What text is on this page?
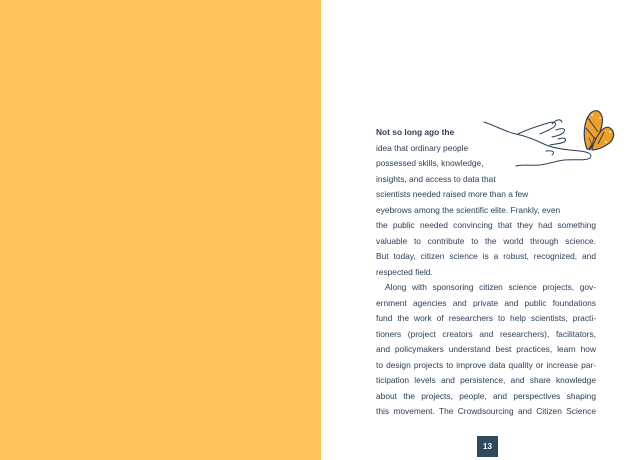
Not so long ago the
idea that ordinary people
possessed skills, knowledge,
insights, and access to data that
scientists needed raised more than a few
eyebrows among the scientific elite. Frankly, even
the public needed convincing that they had something
valuable to contribute to the world through science.
But today, citizen science is a robust, recognized, and
respected field.
Along with sponsoring citizen science projects, gov-
ernment agencies and private and public foundations
fund the work of researchers to help scientists, practi-
tioners (project creators and researchers), facilitators,
and policymakers understand best practices, learn how
to design projects to improve data quality or increase par-
ticipation levels and persistence, and share knowledge
about the projects, people, and perspectives shaping
this movement. The Crowdsourcing and Citizen Science
13
